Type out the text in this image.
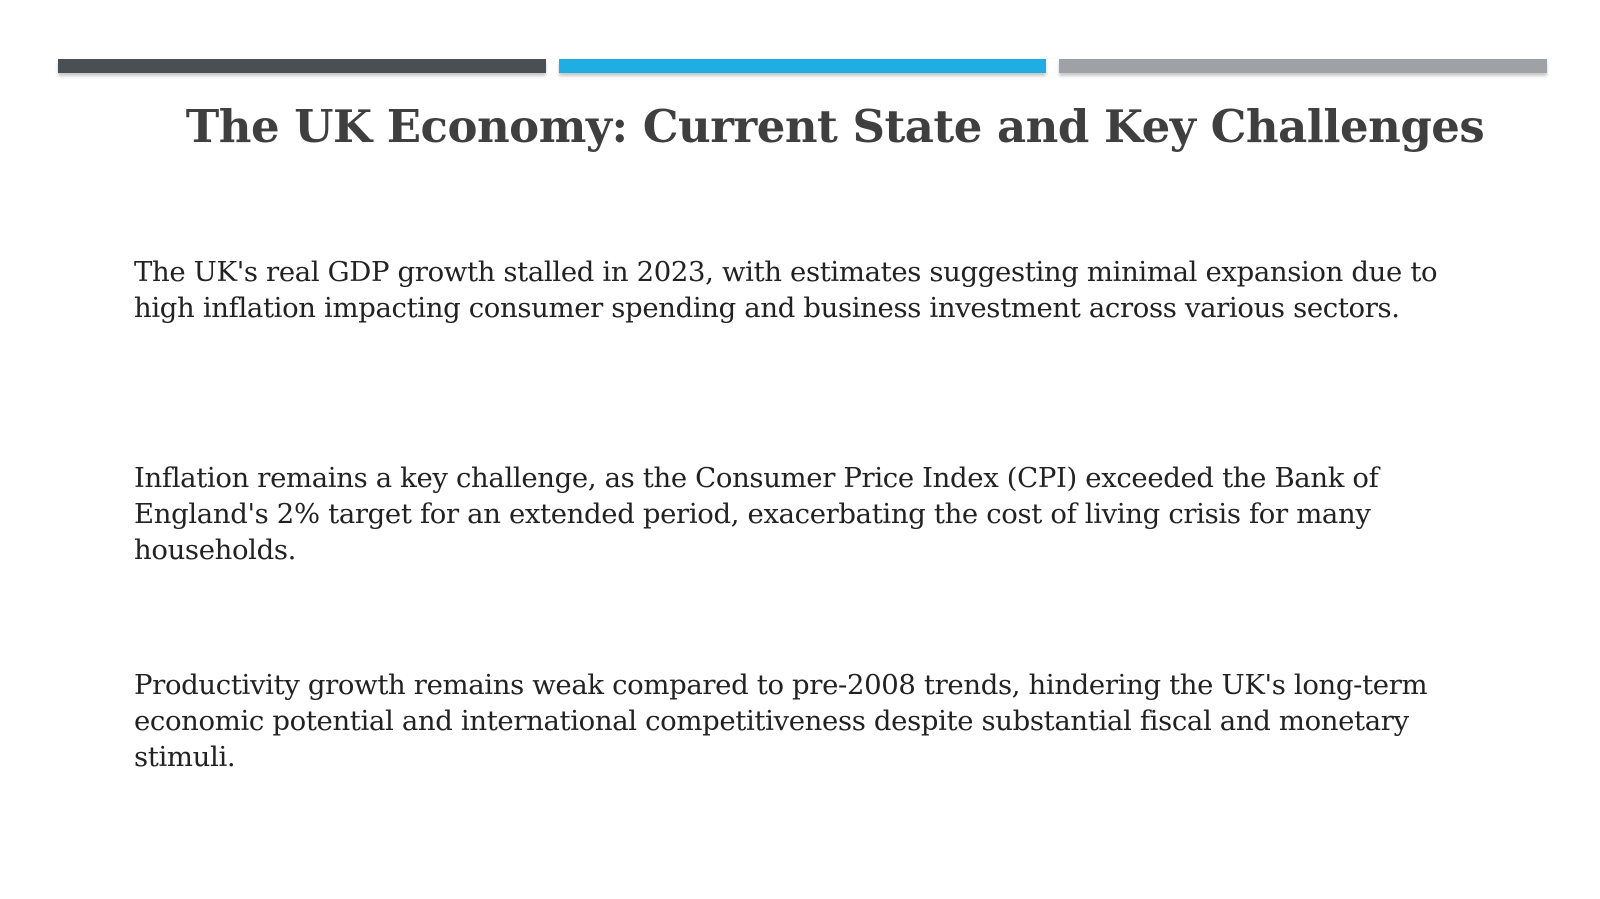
The UK Economy: Current State and Key Challenges

The UK's real GDP growth stalled in 2023, with estimates suggesting minimal expansion due to high inflation impacting consumer spending and business investment across various sectors.

Inflation remains a key challenge, as the Consumer Price Index (CPI) exceeded the Bank of England's 2% target for an extended period, exacerbating the cost of living crisis for many households.

Productivity growth remains weak compared to pre-2008 trends, hindering the UK's long-term economic potential and international competitiveness despite substantial fiscal and monetary stimuli.
